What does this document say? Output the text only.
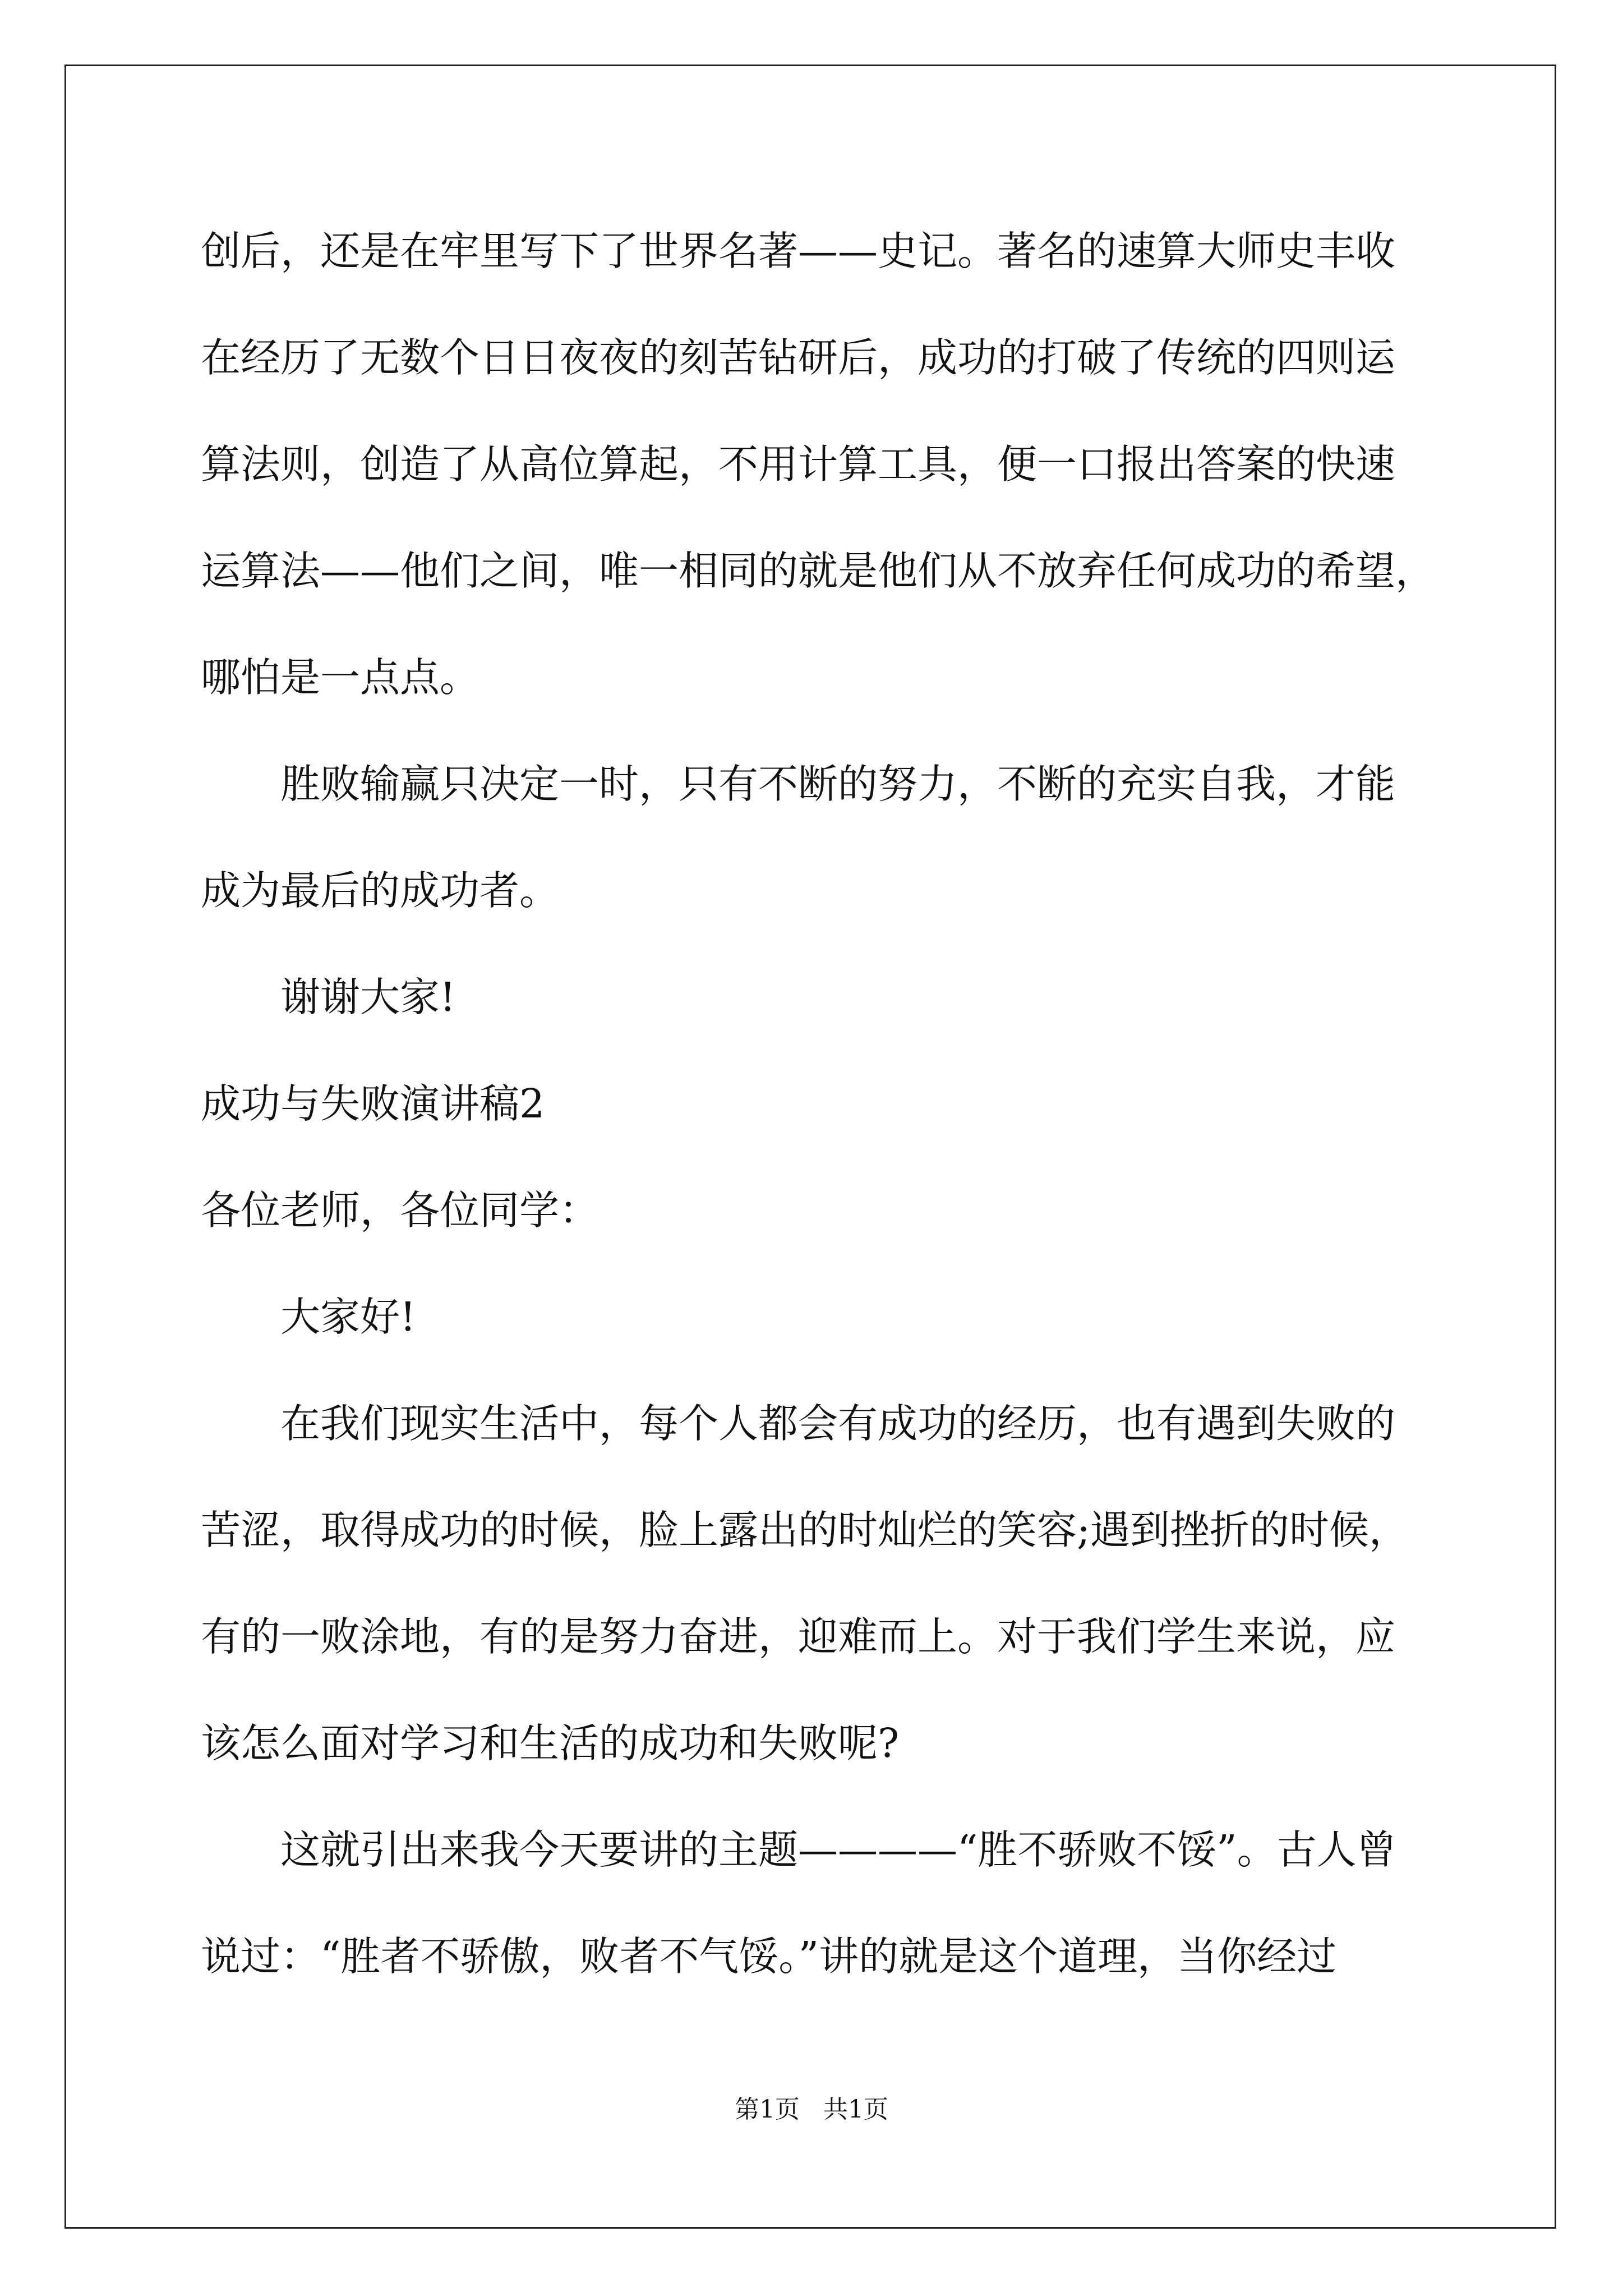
创后，还是在牢里写下了世界名著——史记。著名的速算大师史丰收
在经历了无数个日日夜夜的刻苦钻研后，成功的打破了传统的四则运
算法则，创造了从高位算起，不用计算工具，便一口报出答案的快速
运算法——他们之间，唯一相同的就是他们从不放弃任何成功的希望，
哪怕是一点点。
胜败输赢只决定一时，只有不断的努力，不断的充实自我，才能
成为最后的成功者。
谢谢大家!
成功与失败演讲稿2
各位老师，各位同学：
大家好!
在我们现实生活中，每个人都会有成功的经历，也有遇到失败的
苦涩，取得成功的时候，脸上露出的时灿烂的笑容;遇到挫折的时候，
有的一败涂地，有的是努力奋进，迎难而上。对于我们学生来说，应
该怎么面对学习和生活的成功和失败呢?
这就引出来我今天要讲的主题————“胜不骄败不馁”。古人曾
说过：“胜者不骄傲，败者不气馁。”讲的就是这个道理，当你经过
第1页   共1页
